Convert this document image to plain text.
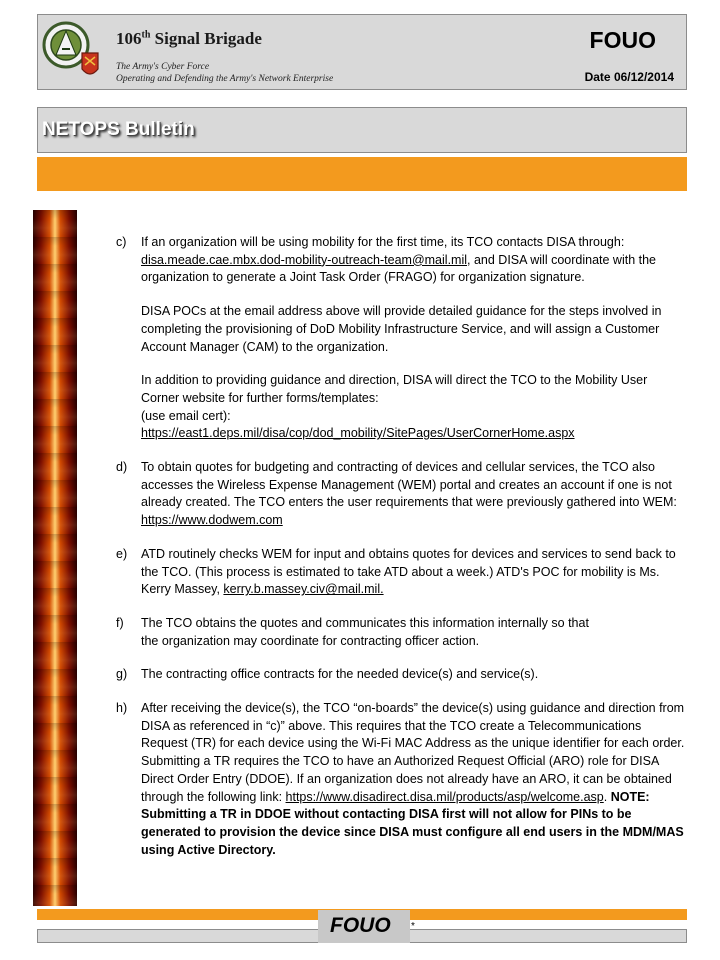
106th Signal Brigade
The Army's Cyber Force
Operating and Defending the Army's Network Enterprise
FOUO
Date 06/12/2014
NETOPS Bulletin
c) If an organization will be using mobility for the first time, its TCO contacts DISA through: disa.meade.cae.mbx.dod-mobility-outreach-team@mail.mil, and DISA will coordinate with the organization to generate a Joint Task Order (FRAGO) for organization signature.

DISA POCs at the email address above will provide detailed guidance for the steps involved in completing the provisioning of DoD Mobility Infrastructure Service, and will assign a Customer Account Manager (CAM) to the organization.

In addition to providing guidance and direction, DISA will direct the TCO to the Mobility User Corner website for further forms/templates:
(use email cert):
https://east1.deps.mil/disa/cop/dod_mobility/SitePages/UserCornerHome.aspx

d) To obtain quotes for budgeting and contracting of devices and cellular services, the TCO also accesses the Wireless Expense Management (WEM) portal and creates an account if one is not already created. The TCO enters the user requirements that were previously gathered into WEM: https://www.dodwem.com

e) ATD routinely checks WEM for input and obtains quotes for devices and services to send back to the TCO. (This process is estimated to take ATD about a week.) ATD's POC for mobility is Ms. Kerry Massey, kerry.b.massey.civ@mail.mil.

f) The TCO obtains the quotes and communicates this information internally so that
the organization may coordinate for contracting officer action.

g) The contracting office contracts for the needed device(s) and service(s).

h) After receiving the device(s), the TCO “on-boards” the device(s) using guidance and direction from DISA as referenced in “c)” above. This requires that the TCO create a Telecommunications Request (TR) for each device using the Wi-Fi MAC Address as the unique identifier for each order. Submitting a TR requires the TCO to have an Authorized Request Official (ARO) role for DISA Direct Order Entry (DDOE). If an organization does not already have an ARO, it can be obtained through the following link: https://www.disadirect.disa.mil/products/asp/welcome.asp. NOTE: Submitting a TR in DDOE without contacting DISA first will not allow for PINs to be generated to provision the device since DISA must configure all end users in the MDM/MAS using Active Directory.

FOUO *
